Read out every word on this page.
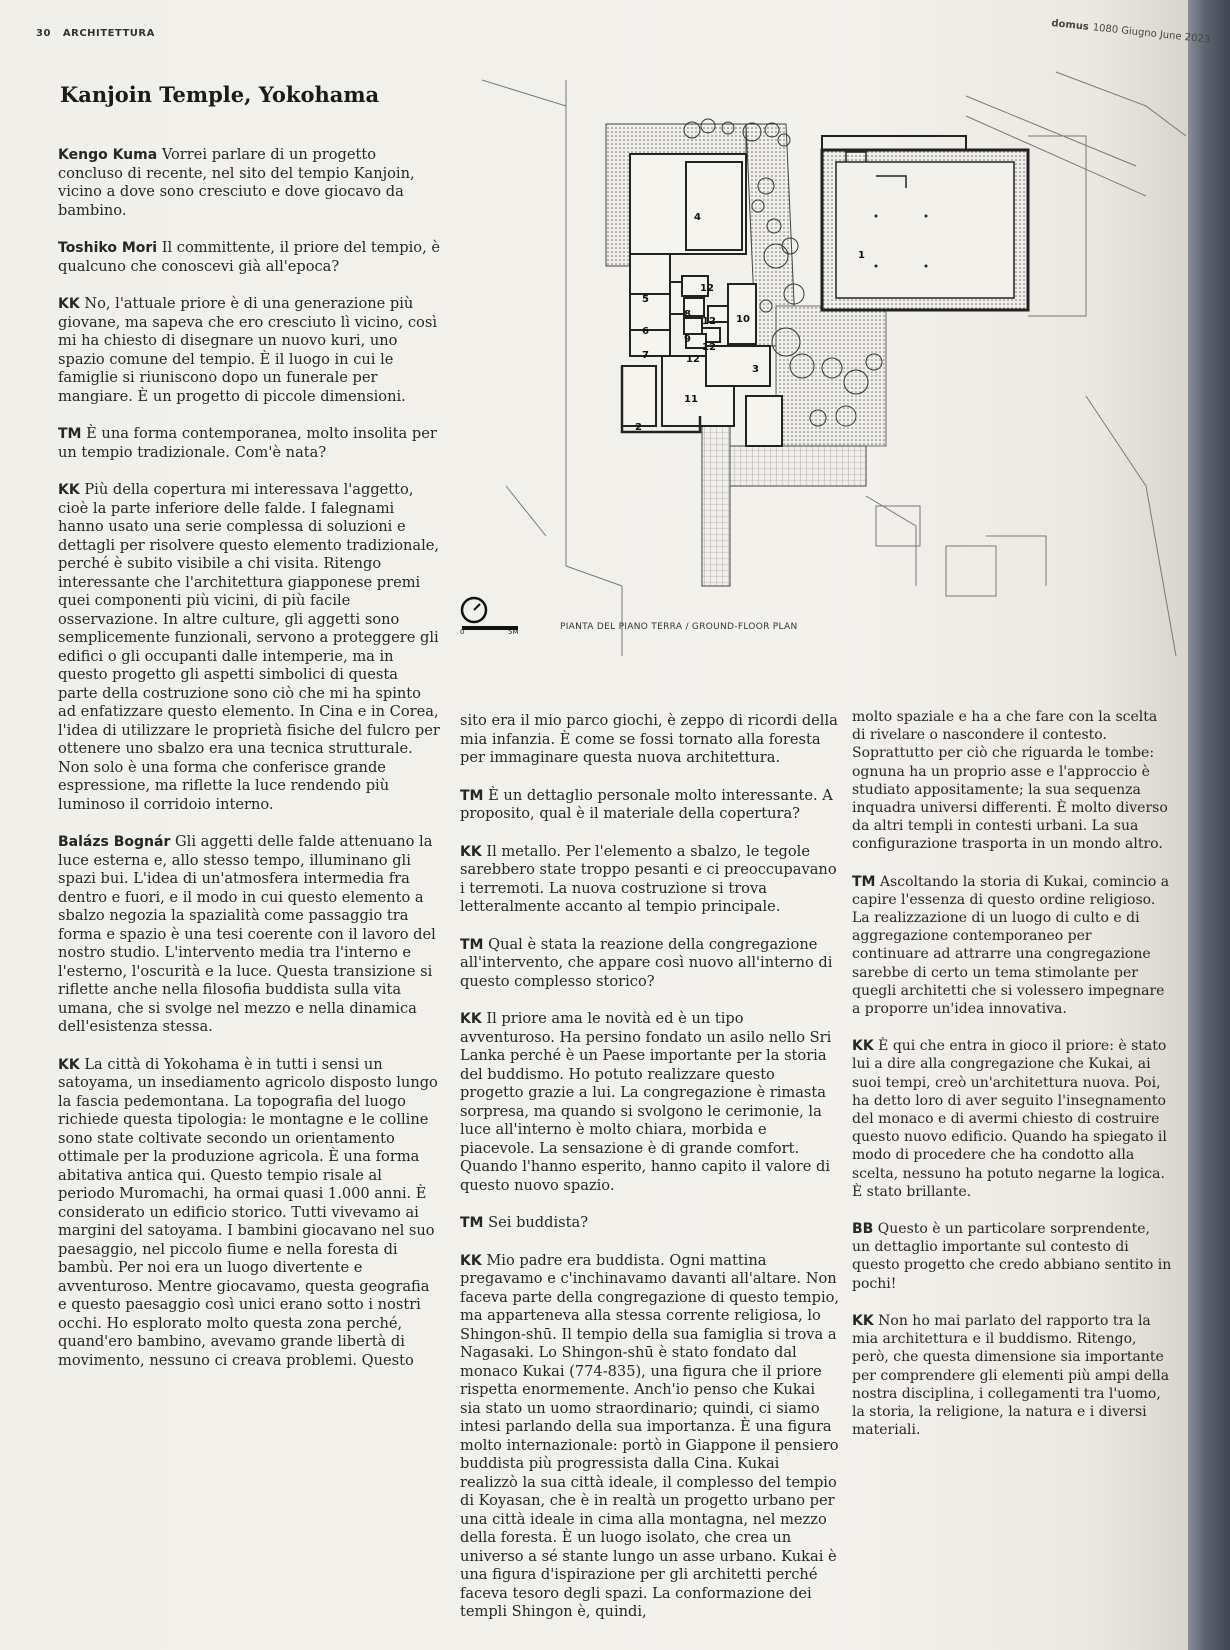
30 ARCHITETTURA
domus 1080 Giugno June 2023
Kanjoin Temple, Yokohama

Kengo Kuma Vorrei parlare di un progetto concluso di recente, nel sito del tempio Kanjoin, vicino a dove sono cresciuto e dove giocavo da bambino.

Toshiko Mori Il committente, il priore del tempio, è qualcuno che conoscevi già all'epoca?

KK No, l'attuale priore è di una generazione più giovane, ma sapeva che ero cresciuto lì vicino, così mi ha chiesto di disegnare un nuovo kuri, uno spazio comune del tempio. È il luogo in cui le famiglie si riuniscono dopo un funerale per mangiare. È un progetto di piccole dimensioni.

TM È una forma contemporanea, molto insolita per un tempio tradizionale. Com'è nata?

KK Più della copertura mi interessava l'aggetto, cioè la parte inferiore delle falde. I falegnami hanno usato una serie complessa di soluzioni e dettagli per risolvere questo elemento tradizionale, perché è subito visibile a chi visita. Ritengo interessante che l'architettura giapponese premi quei componenti più vicini, di più facile osservazione. In altre culture, gli aggetti sono semplicemente funzionali, servono a proteggere gli edifici o gli occupanti dalle intemperie, ma in questo progetto gli aspetti simbolici di questa parte della costruzione sono ciò che mi ha spinto ad enfatizzare questo elemento. In Cina e in Corea, l'idea di utilizzare le proprietà fisiche del fulcro per ottenere uno sbalzo era una tecnica strutturale. Non solo è una forma che conferisce grande espressione, ma riflette la luce rendendo più luminoso il corridoio interno.

Balázs Bognár Gli aggetti delle falde attenuano la luce esterna e, allo stesso tempo, illuminano gli spazi bui. L'idea di un'atmosfera intermedia fra dentro e fuori, e il modo in cui questo elemento a sbalzo negozia la spazialità come passaggio tra forma e spazio è una tesi coerente con il lavoro del nostro studio. L'intervento media tra l'interno e l'esterno, l'oscurità e la luce. Questa transizione si riflette anche nella filosofia buddista sulla vita umana, che si svolge nel mezzo e nella dinamica dell'esistenza stessa.

KK La città di Yokohama è in tutti i sensi un satoyama, un insediamento agricolo disposto lungo la fascia pedemontana. La topografia del luogo richiede questa tipologia: le montagne e le colline sono state coltivate secondo un orientamento ottimale per la produzione agricola. È una forma abitativa antica qui. Questo tempio risale al periodo Muromachi, ha ormai quasi 1.000 anni. È considerato un edificio storico. Tutti vivevamo ai margini del satoyama. I bambini giocavano nel suo paesaggio, nel piccolo fiume e nella foresta di bambù. Per noi era un luogo divertente e avventuroso. Mentre giocavamo, questa geografia e questo paesaggio così unici erano sotto i nostri occhi. Ho esplorato molto questa zona perché, quand'ero bambino, avevamo grande libertà di movimento, nessuno ci creava problemi. Questo

sito era il mio parco giochi, è zeppo di ricordi della mia infanzia. È come se fossi tornato alla foresta per immaginare questa nuova architettura.

TM È un dettaglio personale molto interessante. A proposito, qual è il materiale della copertura?

KK Il metallo. Per l'elemento a sbalzo, le tegole sarebbero state troppo pesanti e ci preoccupavano i terremoti. La nuova costruzione si trova letteralmente accanto al tempio principale.

TM Qual è stata la reazione della congregazione all'intervento, che appare così nuovo all'interno di questo complesso storico?

KK Il priore ama le novità ed è un tipo avventuroso. Ha persino fondato un asilo nello Sri Lanka perché è un Paese importante per la storia del buddismo. Ho potuto realizzare questo progetto grazie a lui. La congregazione è rimasta sorpresa, ma quando si svolgono le cerimonie, la luce all'interno è molto chiara, morbida e piacevole. La sensazione è di grande comfort. Quando l'hanno esperito, hanno capito il valore di questo nuovo spazio.

TM Sei buddista?

KK Mio padre era buddista. Ogni mattina pregavamo e c'inchinavamo davanti all'altare. Non faceva parte della congregazione di questo tempio, ma apparteneva alla stessa corrente religiosa, lo Shingon-shū. Il tempio della sua famiglia si trova a Nagasaki. Lo Shingon-shū è stato fondato dal monaco Kukai (774-835), una figura che il priore rispetta enormemente. Anch'io penso che Kukai sia stato un uomo straordinario; quindi, ci siamo intesi parlando della sua importanza. È una figura molto internazionale: portò in Giappone il pensiero buddista più progressista dalla Cina. Kukai realizzò la sua città ideale, il complesso del tempio di Koyasan, che è in realtà un progetto urbano per una città ideale in cima alla montagna, nel mezzo della foresta. È un luogo isolato, che crea un universo a sé stante lungo un asse urbano. Kukai è una figura d'ispirazione per gli architetti perché faceva tesoro degli spazi. La conformazione dei templi Shingon è, quindi,

molto spaziale e ha a che fare con la scelta di rivelare o nascondere il contesto. Soprattutto per ciò che riguarda le tombe: ognuna ha un proprio asse e l'approccio è studiato appositamente; la sua sequenza inquadra universi differenti. È molto diverso da altri templi in contesti urbani. La sua configurazione trasporta in un mondo altro.

TM Ascoltando la storia di Kukai, comincio a capire l'essenza di questo ordine religioso. La realizzazione di un luogo di culto e di aggregazione contemporaneo per continuare ad attrarre una congregazione sarebbe di certo un tema stimolante per quegli architetti che si volessero impegnare a proporre un'idea innovativa.

KK È qui che entra in gioco il priore: è stato lui a dire alla congregazione che Kukai, ai suoi tempi, creò un'architettura nuova. Poi, ha detto loro di aver seguito l'insegnamento del monaco e di avermi chiesto di costruire questo nuovo edificio. Quando ha spiegato il modo di procedere che ha condotto alla scelta, nessuno ha potuto negarne la logica. È stato brillante.

BB Questo è un particolare sorprendente, un dettaglio importante sul contesto di questo progetto che credo abbiano sentito in pochi!

KK Non ho mai parlato del rapporto tra la mia architettura e il buddismo. Ritengo, però, che questa dimensione sia importante per comprendere gli elementi più ampi della nostra disciplina, i collegamenti tra l'uomo, la storia, la religione, la natura e i diversi materiali.

1
2
3
4
5
6
7
8
9
10
11
12
12
12
12
0	5M	PIANTA DEL PIANO TERRA / GROUND-FLOOR PLAN
